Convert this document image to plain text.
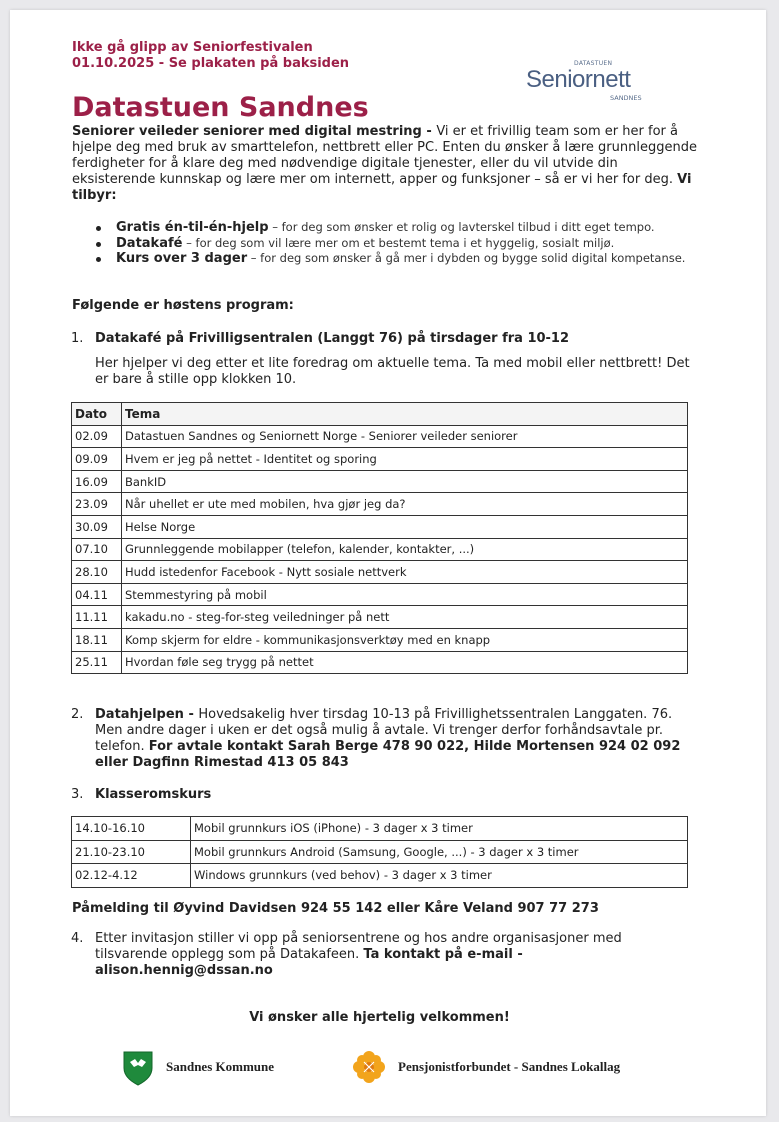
Ikke gå glipp av Seniorfestivalen
01.10.2025 - Se plakaten på baksiden	DATASTUEN
Seniornett
SANDNES
Datastuen Sandnes
Seniorer veileder seniorer med digital mestring - Vi er et frivillig team som er her for å hjelpe deg med bruk av smarttelefon, nettbrett eller PC. Enten du ønsker å lære grunnleggende ferdigheter for å klare deg med nødvendige digitale tjenester, eller du vil utvide din eksisterende kunnskap og lære mer om internett, apper og funksjoner – så er vi her for deg. Vi tilbyr:
Gratis én-til-én-hjelp – for deg som ønsker et rolig og lavterskel tilbud i ditt eget tempo.
Datakafé – for deg som vil lære mer om et bestemt tema i et hyggelig, sosialt miljø.
Kurs over 3 dager – for deg som ønsker å gå mer i dybden og bygge solid digital kompetanse.
Følgende er høstens program:
1. Datakafé på Frivilligsentralen (Langgt 76) på tirsdager fra 10-12
Her hjelper vi deg etter et lite foredrag om aktuelle tema. Ta med mobil eller nettbrett! Det er bare å stille opp klokken 10.
Dato	Tema
02.09	Datastuen Sandnes og Seniornett Norge - Seniorer veileder seniorer
09.09	Hvem er jeg på nettet - Identitet og sporing
16.09	BankID
23.09	Når uhellet er ute med mobilen, hva gjør jeg da?
30.09	Helse Norge
07.10	Grunnleggende mobilapper (telefon, kalender, kontakter, ...)
28.10	Hudd istedenfor Facebook - Nytt sosiale nettverk
04.11	Stemmestyring på mobil
11.11	kakadu.no - steg-for-steg veiledninger på nett
18.11	Komp skjerm for eldre - kommunikasjonsverktøy med en knapp
25.11	Hvordan føle seg trygg på nettet
2. Datahjelpen - Hovedsakelig hver tirsdag 10-13 på Frivillighetssentralen Langgaten. 76. Men andre dager i uken er det også mulig å avtale. Vi trenger derfor forhåndsavtale pr. telefon. For avtale kontakt Sarah Berge 478 90 022, Hilde Mortensen 924 02 092 eller Dagfinn Rimestad 413 05 843
3. Klasseromskurs
14.10-16.10	Mobil grunnkurs iOS (iPhone) - 3 dager x 3 timer
21.10-23.10	Mobil grunnkurs Android (Samsung, Google, ...) - 3 dager x 3 timer
02.12-4.12	Windows grunnkurs (ved behov) - 3 dager x 3 timer
Påmelding til Øyvind Davidsen 924 55 142 eller Kåre Veland 907 77 273
4. Etter invitasjon stiller vi opp på seniorsentrene og hos andre organisasjoner med tilsvarende opplegg som på Datakafeen. Ta kontakt på e-mail - alison.hennig@dssan.no
Vi ønsker alle hjertelig velkommen!
Sandnes Kommune	Pensjonistforbundet - Sandnes Lokallag
